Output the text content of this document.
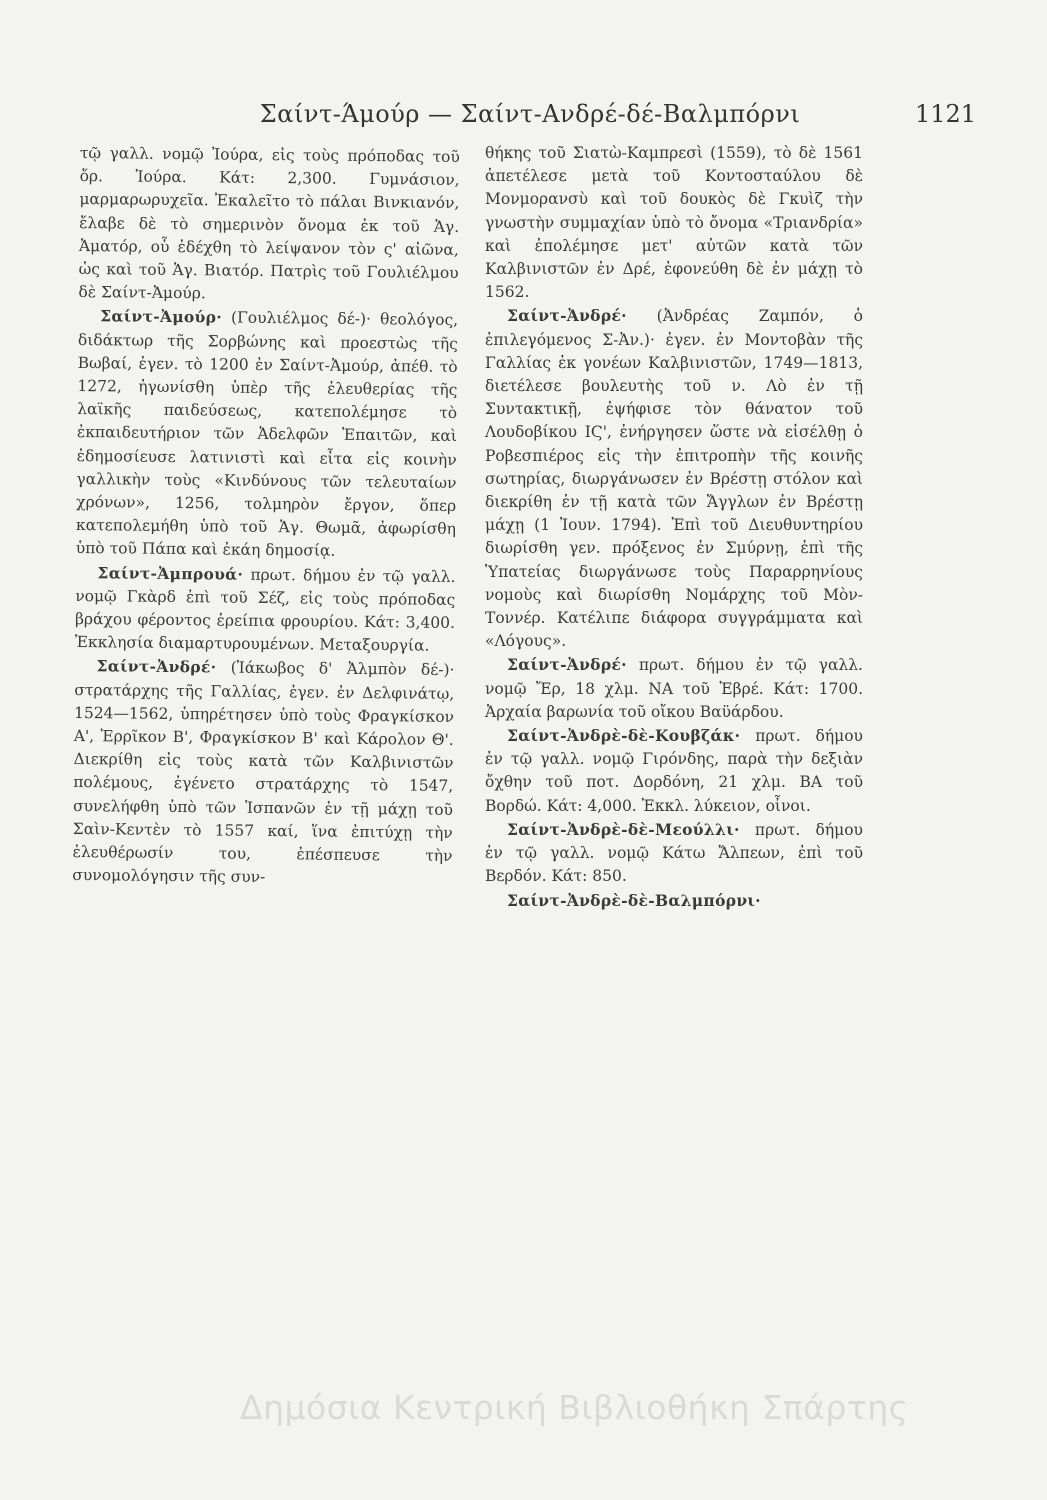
Σαίντ-Άμούρ — Σαίντ-Ανδρέ-δέ-Βαλμπόρνι	1121

τῷ γαλλ. νομῷ Ἰούρα, εἰς τοὺς πρόποδας τοῦ ὄρ. Ἰούρα. Κάτ: 2,300. Γυμνάσιον, μαρμαρωρυχεῖα. Ἐκαλεῖτο τὸ πάλαι Βινκιανόν, ἔλαβε δὲ τὸ σημερινὸν ὄνομα ἐκ τοῦ Ἁγ. Ἀματόρ, οὗ ἐδέχθη τὸ λείψανον τὸν ς' αἰῶνα, ὡς καὶ τοῦ Ἁγ. Βιατόρ. Πατρὶς τοῦ Γουλιέλμου δὲ Σαίντ-Ἀμούρ.

Σαίντ-Ἀμούρ· (Γουλιέλμος δέ-)· θεολόγος, διδάκτωρ τῆς Σορβώνης καὶ προεστὼς τῆς Βωβαί, ἐγεν. τὸ 1200 ἐν Σαίντ-Ἀμούρ, ἀπέθ. τὸ 1272, ἠγωνίσθη ὑπὲρ τῆς ἐλευθερίας τῆς λαϊκῆς παιδεύσεως, κατεπολέμησε τὸ ἐκπαιδευτήριον τῶν Ἀδελφῶν Ἐπαιτῶν, καὶ ἐδημοσίευσε λατινιστὶ καὶ εἶτα εἰς κοινὴν γαλλικὴν τοὺς «Κινδύνους τῶν τελευταίων χρόνων», 1256, τολμηρὸν ἔργον, ὅπερ κατεπολεμήθη ὑπὸ τοῦ Ἁγ. Θωμᾶ, ἀφωρίσθη ὑπὸ τοῦ Πάπα καὶ ἐκάη δημοσίᾳ.

Σαίντ-Ἀμπρουά· πρωτ. δήμου ἐν τῷ γαλλ. νομῷ Γκὰρδ ἐπὶ τοῦ Σέζ, εἰς τοὺς πρόποδας βράχου φέροντος ἐρείπια φρουρίου. Κάτ: 3,400. Ἐκκλησία διαμαρτυρουμένων. Μεταξουργία.

Σαίντ-Ἀνδρέ· (Ἰάκωβος δ' Ἀλμπὸν δέ-)· στρατάρχης τῆς Γαλλίας, ἐγεν. ἐν Δελφινάτῳ, 1524—1562, ὑπηρέτησεν ὑπὸ τοὺς Φραγκίσκον Α', Ἐρρῖκον Β', Φραγκίσκον Β' καὶ Κάρολον Θ'. Διεκρίθη εἰς τοὺς κατὰ τῶν Καλβινιστῶν πολέμους, ἐγένετο στρατάρχης τὸ 1547, συνελήφθη ὑπὸ τῶν Ἱσπανῶν ἐν τῇ μάχῃ τοῦ Σαὶν-Κεντὲν τὸ 1557 καί, ἵνα ἐπιτύχῃ τὴν ἐλευθέρωσίν του, ἐπέσπευσε τὴν συνομολόγησιν τῆς συν-

θήκης τοῦ Σιατὼ-Καμπρεσὶ (1559), τὸ δὲ 1561 ἀπετέλεσε μετὰ τοῦ Κοντοσταύλου δὲ Μονμορανσὺ καὶ τοῦ δουκὸς δὲ Γκυὶζ τὴν γνωστὴν συμμαχίαν ὑπὸ τὸ ὄνομα «Τριανδρία» καὶ ἐπολέμησε μετ' αὐτῶν κατὰ τῶν Καλβινιστῶν ἐν Δρέ, ἐφονεύθη δὲ ἐν μάχῃ τὸ 1562.

Σαίντ-Ἀνδρέ· (Ἀνδρέας Ζαμπόν, ὁ ἐπιλεγόμενος Σ-Ἀν.)· ἐγεν. ἐν Μοντοβὰν τῆς Γαλλίας ἐκ γονέων Καλβινιστῶν, 1749—1813, διετέλεσε βουλευτὴς τοῦ ν. Λὸ ἐν τῇ Συντακτικῇ, ἐψήφισε τὸν θάνατον τοῦ Λουδοβίκου ΙϚ', ἐνήργησεν ὥστε νὰ εἰσέλθῃ ὁ Ροβεσπιέρος εἰς τὴν ἐπιτροπὴν τῆς κοινῆς σωτηρίας, διωργάνωσεν ἐν Βρέστῃ στόλον καὶ διεκρίθη ἐν τῇ κατὰ τῶν Ἄγγλων ἐν Βρέστῃ μάχῃ (1 Ἰουν. 1794). Ἐπὶ τοῦ Διευθυντηρίου διωρίσθη γεν. πρόξενος ἐν Σμύρνῃ, ἐπὶ τῆς Ὑπατείας διωργάνωσε τοὺς Παραρρηνίους νομοὺς καὶ διωρίσθη Νομάρχης τοῦ Μὸν-Τοννέρ. Κατέλιπε διάφορα συγγράμματα καὶ «Λόγους».

Σαίντ-Ἀνδρέ· πρωτ. δήμου ἐν τῷ γαλλ. νομῷ Ἔρ, 18 χλμ. ΝΑ τοῦ Ἐβρέ. Κάτ: 1700. Ἀρχαία βαρωνία τοῦ οἴκου Βαϋάρδου.

Σαίντ-Ἀνδρὲ-δὲ-Κουβζάκ· πρωτ. δήμου ἐν τῷ γαλλ. νομῷ Γιρόνδης, παρὰ τὴν δεξιὰν ὄχθην τοῦ ποτ. Δορδόνη, 21 χλμ. ΒΑ τοῦ Βορδώ. Κάτ: 4,000. Ἐκκλ. λύκειον, οἶνοι.

Σαίντ-Ἀνδρὲ-δὲ-Μεούλλι· πρωτ. δήμου ἐν τῷ γαλλ. νομῷ Κάτω Ἄλπεων, ἐπὶ τοῦ Βερδόν. Κάτ: 850.

Σαίντ-Ἀνδρὲ-δὲ-Βαλμπόρνι·

Δημόσια Κεντρική Βιβλιοθήκη Σπάρτης
